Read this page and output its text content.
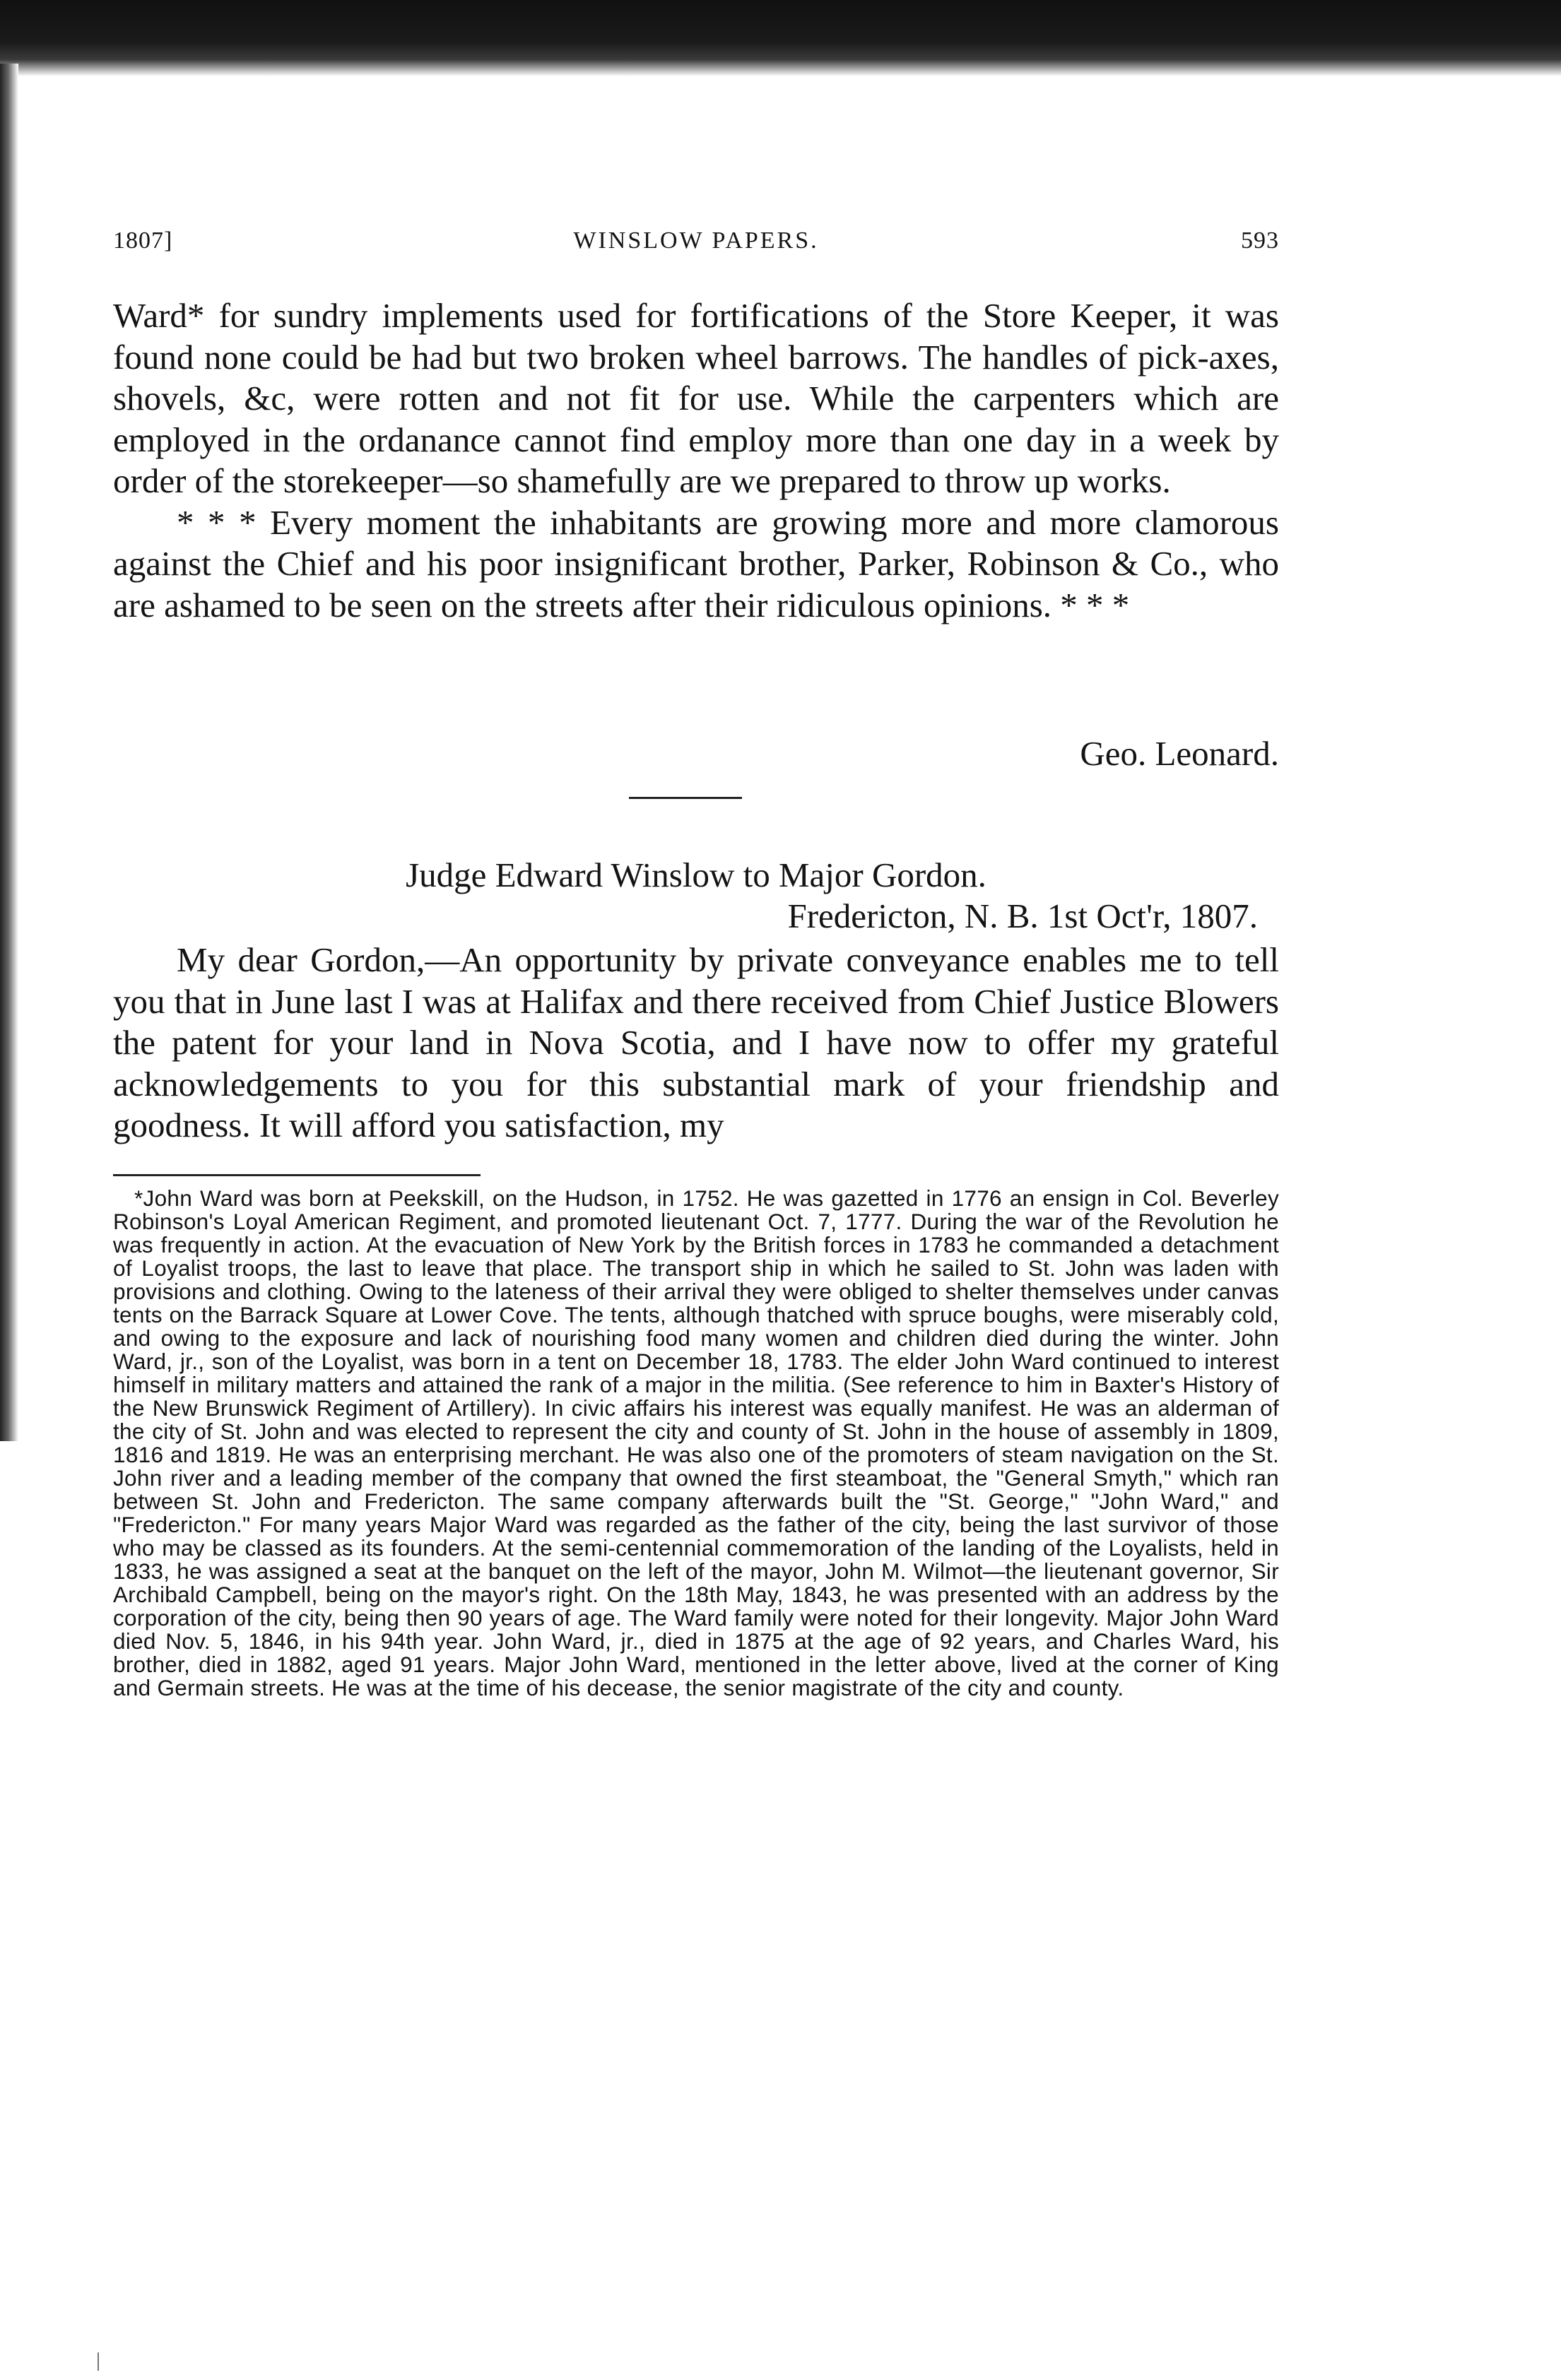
1807]	WINSLOW PAPERS.	593

Ward* for sundry implements used for fortifications of the Store Keeper, it was found none could be had but two broken wheel barrows. The handles of pick-axes, shovels, &c, were rotten and not fit for use. While the carpenters which are employed in the ordanance cannot find employ more than one day in a week by order of the storekeeper—so shamefully are we prepared to throw up works.

* * * Every moment the inhabitants are growing more and more clamorous against the Chief and his poor insignificant brother, Parker, Robinson & Co., who are ashamed to be seen on the streets after their ridiculous opinions. * * *

Geo. Leonard.
Judge Edward Winslow to Major Gordon.
Fredericton, N. B. 1st Oct'r, 1807.

My dear Gordon,—An opportunity by private conveyance enables me to tell you that in June last I was at Halifax and there received from Chief Justice Blowers the patent for your land in Nova Scotia, and I have now to offer my grateful acknowledgements to you for this substantial mark of your friendship and goodness. It will afford you satisfaction, my

*John Ward was born at Peekskill, on the Hudson, in 1752. He was gazetted in 1776 an ensign in Col. Beverley Robinson's Loyal American Regiment, and promoted lieutenant Oct. 7, 1777. During the war of the Revolution he was frequently in action. At the evacuation of New York by the British forces in 1783 he commanded a detachment of Loyalist troops, the last to leave that place. The transport ship in which he sailed to St. John was laden with provisions and clothing. Owing to the lateness of their arrival they were obliged to shelter themselves under canvas tents on the Barrack Square at Lower Cove. The tents, although thatched with spruce boughs, were miserably cold, and owing to the exposure and lack of nourishing food many women and children died during the winter. John Ward, jr., son of the Loyalist, was born in a tent on December 18, 1783. The elder John Ward continued to interest himself in military matters and attained the rank of a major in the militia. (See reference to him in Baxter's History of the New Brunswick Regiment of Artillery). In civic affairs his interest was equally manifest. He was an alderman of the city of St. John and was elected to represent the city and county of St. John in the house of assembly in 1809, 1816 and 1819. He was an enterprising merchant. He was also one of the promoters of steam navigation on the St. John river and a leading member of the company that owned the first steamboat, the "General Smyth," which ran between St. John and Fredericton. The same company afterwards built the "St. George," "John Ward," and "Fredericton." For many years Major Ward was regarded as the father of the city, being the last survivor of those who may be classed as its founders. At the semi-centennial commemoration of the landing of the Loyalists, held in 1833, he was assigned a seat at the banquet on the left of the mayor, John M. Wilmot—the lieutenant governor, Sir Archibald Campbell, being on the mayor's right. On the 18th May, 1843, he was presented with an address by the corporation of the city, being then 90 years of age. The Ward family were noted for their longevity. Major John Ward died Nov. 5, 1846, in his 94th year. John Ward, jr., died in 1875 at the age of 92 years, and Charles Ward, his brother, died in 1882, aged 91 years. Major John Ward, mentioned in the letter above, lived at the corner of King and Germain streets. He was at the time of his decease, the senior magistrate of the city and county.
